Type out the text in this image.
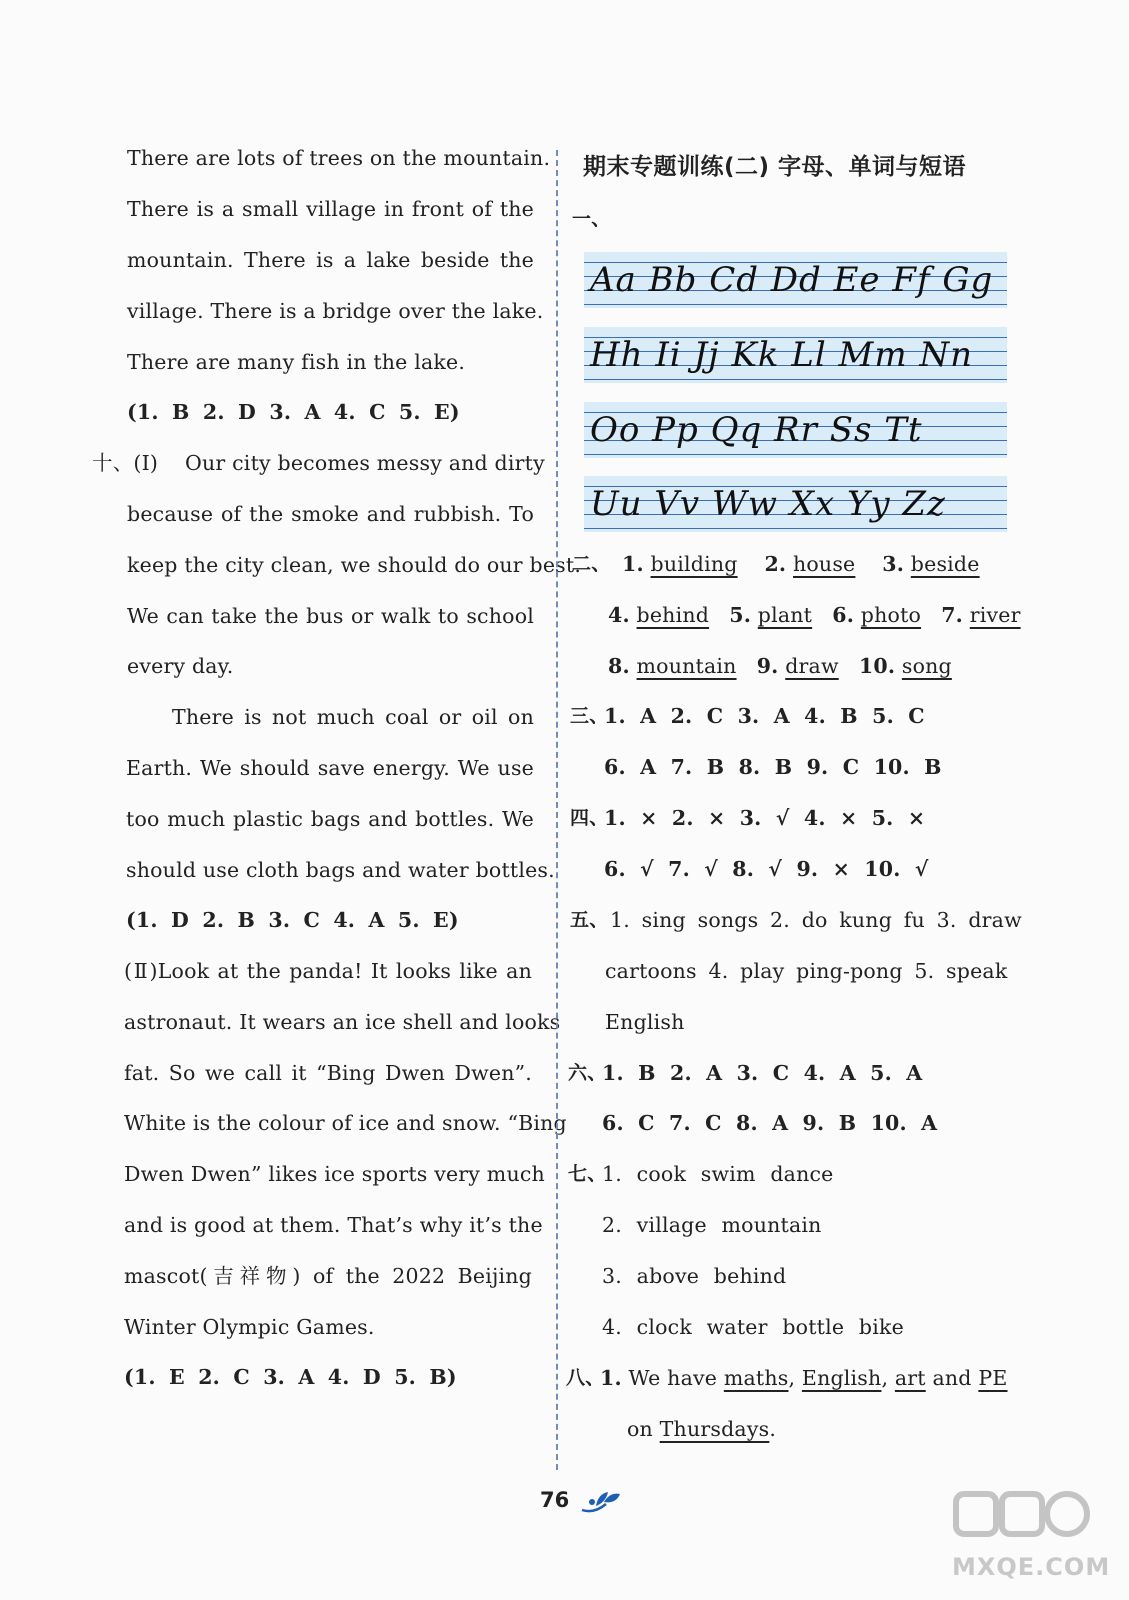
There are lots of trees on the mountain.
There is a small village in front of the
mountain. There is a lake beside the
village. There is a bridge over the lake.
There are many fish in the lake.
(1. B 2. D 3. A 4. C 5. E)
十、(Ⅰ) Our city becomes messy and dirty
because of the smoke and rubbish. To
keep the city clean, we should do our best.
We can take the bus or walk to school
every day.
There is not much coal or oil on
Earth. We should save energy. We use
too much plastic bags and bottles. We
should use cloth bags and water bottles.
(1. D 2. B 3. C 4. A 5. E)
(Ⅱ)Look at the panda! It looks like an
astronaut. It wears an ice shell and looks
fat. So we call it “Bing Dwen Dwen”.
White is the colour of ice and snow. “Bing
Dwen Dwen” likes ice sports very much
and is good at them. That’s why it’s the
mascot(吉祥物) of the 2022 Beijing
Winter Olympic Games.
(1. E 2. C 3. A 4. D 5. B)
期末专题训练(二) 字母、单词与短语
一、
Aa Bb Cd Dd Ee Ff Gg
Hh Ii Jj Kk Ll Mm Nn
Oo Pp Qq Rr Ss Tt
Uu Vv Ww Xx Yy Zz
二、 1. building 2. house 3. beside
4. behind 5. plant 6. photo 7. river
8. mountain 9. draw 10. song
三、
1. A 2. C 3. A 4. B 5. C
6. A 7. B 8. B 9. C 10. B
四、
1. × 2. × 3. √ 4. × 5. ×
6. √ 7. √ 8. √ 9. × 10. √
五、 1. sing songs 2. do kung fu 3. draw
cartoons 4. play ping-pong 5. speak
English
六、
1. B 2. A 3. C 4. A 5. A
6. C 7. C 8. A 9. B 10. A
七、
1. cook swim dance
2. village mountain
3. above behind
4. clock water bottle bike
八、
1. We have maths, English, art and PE
on Thursdays.
76
MXQE.COM
